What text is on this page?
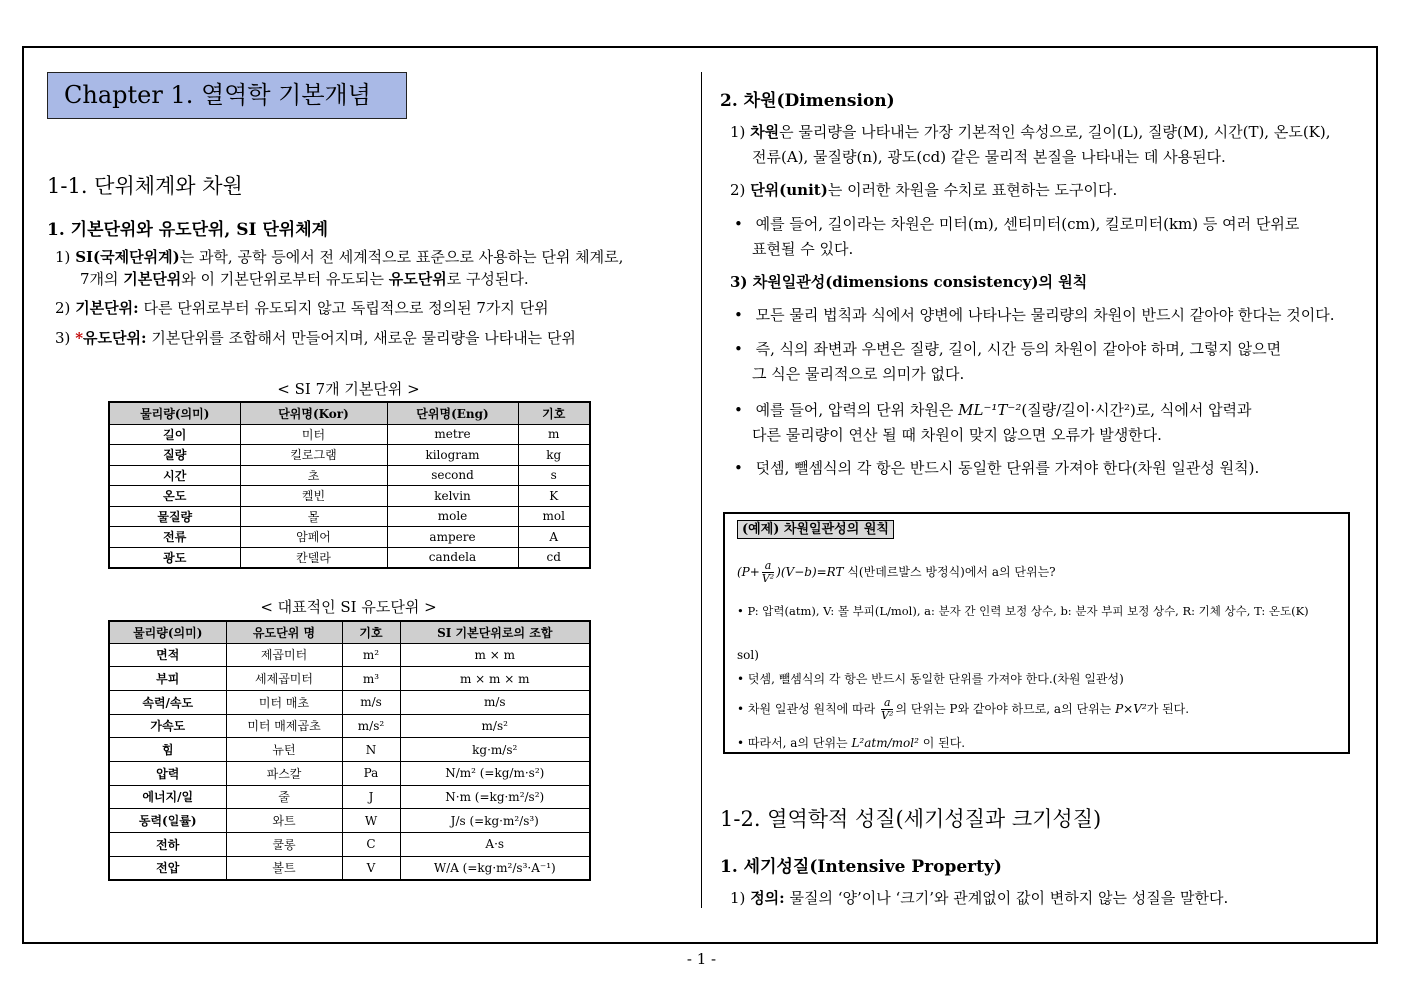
Chapter 1. 열역학 기본개념
1-1. 단위체계와 차원
1. 기본단위와 유도단위, SI 단위체계
1) SI(국제단위계)는 과학, 공학 등에서 전 세계적으로 표준으로 사용하는 단위 체계로,
7개의 기본단위와 이 기본단위로부터 유도되는 유도단위로 구성된다.
2) 기본단위: 다른 단위로부터 유도되지 않고 독립적으로 정의된 7가지 단위
3) *유도단위: 기본단위를 조합해서 만들어지며, 새로운 물리량을 나타내는 단위
< SI 7개 기본단위 >
물리량(의미)	단위명(Kor)	단위명(Eng)	기호
길이	미터	metre	m
질량	킬로그램	kilogram	kg
시간	초	second	s
온도	켈빈	kelvin	K
물질량	몰	mole	mol
전류	암페어	ampere	A
광도	칸델라	candela	cd
< 대표적인 SI 유도단위 >
물리량(의미)	유도단위 명	기호	SI 기본단위로의 조합
면적	제곱미터	m²	m × m
부피	세제곱미터	m³	m × m × m
속력/속도	미터 매초	m/s	m/s
가속도	미터 매제곱초	m/s²	m/s²
힘	뉴턴	N	kg·m/s²
압력	파스칼	Pa	N/m² (=kg/m·s²)
에너지/일	줄	J	N·m (=kg·m²/s²)
동력(일률)	와트	W	J/s (=kg·m²/s³)
전하	쿨롱	C	A·s
전압	볼트	V	W/A (=kg·m²/s³·A⁻¹)
2. 차원(Dimension)
1) 차원은 물리량을 나타내는 가장 기본적인 속성으로, 길이(L), 질량(M), 시간(T), 온도(K),
전류(A), 물질량(n), 광도(cd) 같은 물리적 본질을 나타내는 데 사용된다.
2) 단위(unit)는 이러한 차원을 수치로 표현하는 도구이다.
• 예를 들어, 길이라는 차원은 미터(m), 센티미터(cm), 킬로미터(km) 등 여러 단위로
표현될 수 있다.
3) 차원일관성(dimensions consistency)의 원칙
• 모든 물리 법칙과 식에서 양변에 나타나는 물리량의 차원이 반드시 같아야 한다는 것이다.
• 즉, 식의 좌변과 우변은 질량, 길이, 시간 등의 차원이 같아야 하며, 그렇지 않으면
그 식은 물리적으로 의미가 없다.
• 예를 들어, 압력의 단위 차원은 ML⁻¹T⁻²(질량/길이·시간²)로, 식에서 압력과
다른 물리량이 연산 될 때 차원이 맞지 않으면 오류가 발생한다.
• 덧셈, 뺄셈식의 각 항은 반드시 동일한 단위를 가져야 한다(차원 일관성 원칙).
(예제) 차원일관성의 원칙
$(P+ \frac{a}{\text{V²}} )(V-b)=RT$ 식(반데르발스 방정식)에서 a의 단위는?
• P: 압력(atm), V: 몰 부피(L/mol), a: 분자 간 인력 보정 상수, b: 분자 부피 보정 상수, R: 기체 상수, T: 온도(K)
sol)
• 덧셈, 뺄셈식의 각 항은 반드시 동일한 단위를 가져야 한다.(차원 일관성)
• 차원 일관성 원칙에 따라 $\frac{a}{\text{V²}}$ 의 단위는 P와 같아야 하므로, a의 단위는 P×V²가 된다.
• 따라서, a의 단위는 L²atm/mol² 이 된다.
1-2. 열역학적 성질(세기성질과 크기성질)
1. 세기성질(Intensive Property)
1) 정의: 물질의 ‘양’이나 ‘크기’와 관계없이 값이 변하지 않는 성질을 말한다.
- 1 -
